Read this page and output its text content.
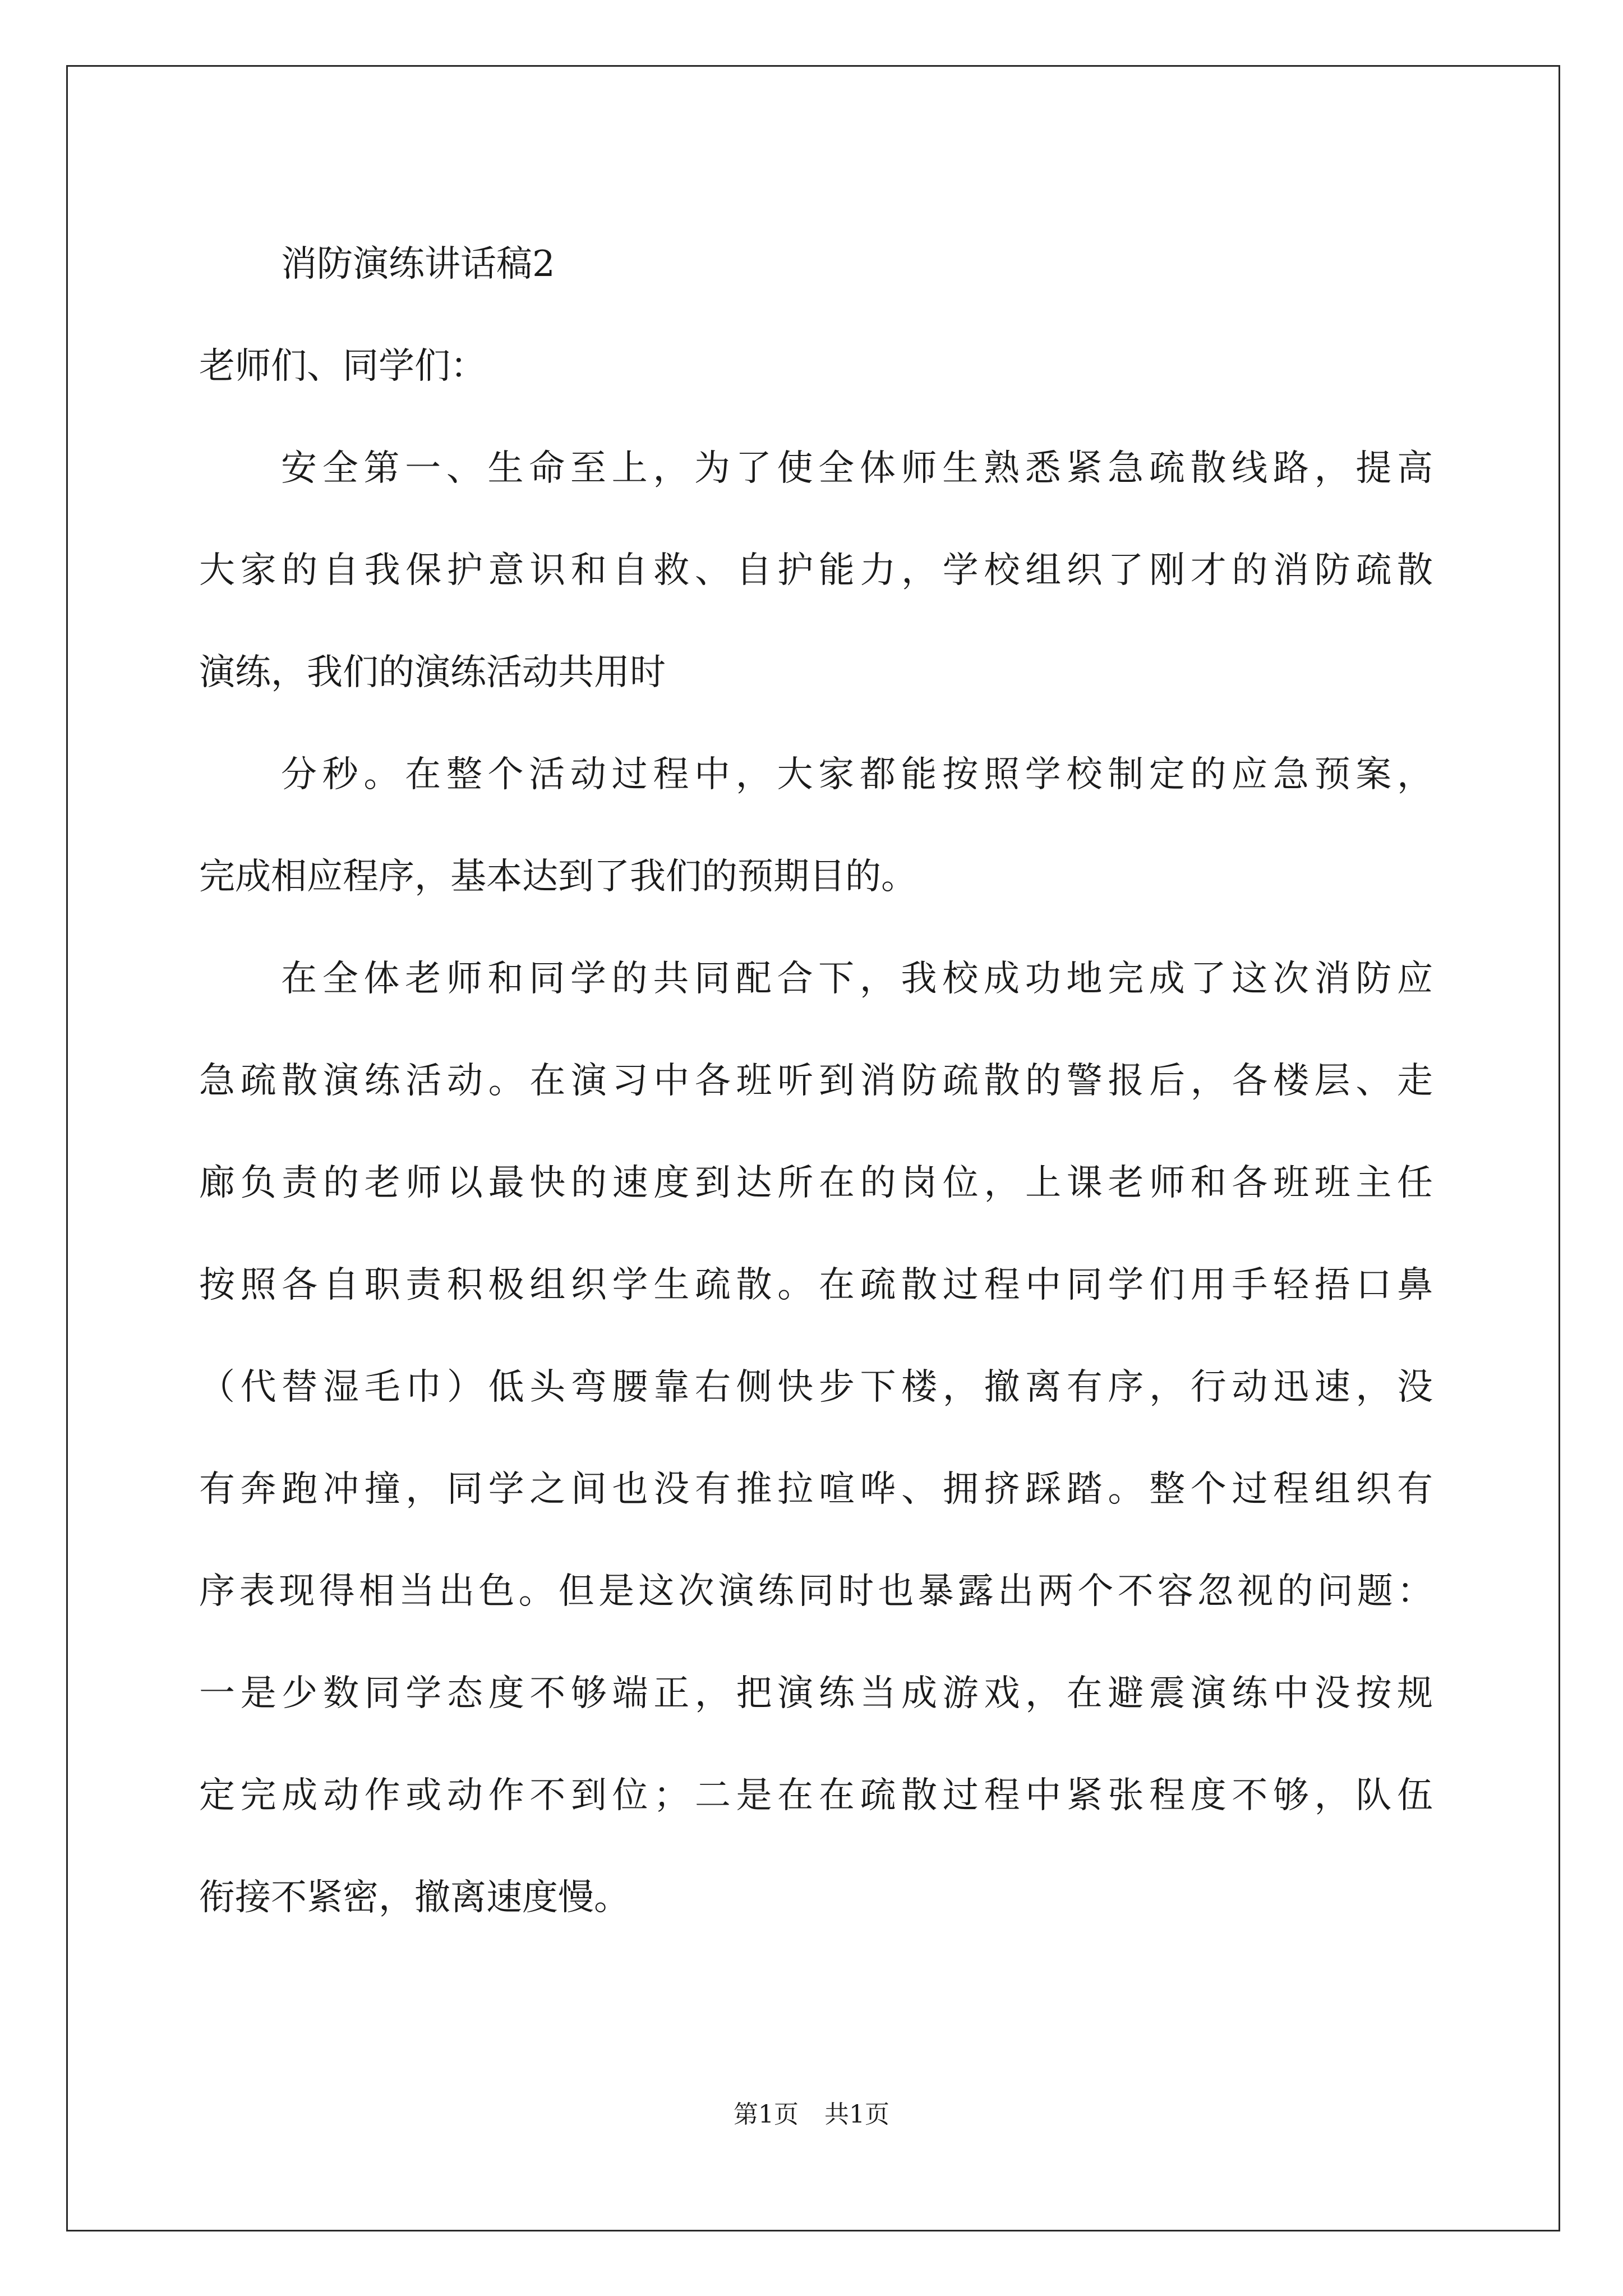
消防演练讲话稿2
老师们、同学们：
安全第一、生命至上，为了使全体师生熟悉紧急疏散线路，提高
大家的自我保护意识和自救、自护能力，学校组织了刚才的消防疏散
演练，我们的演练活动共用时
分秒。在整个活动过程中，大家都能按照学校制定的应急预案，
完成相应程序，基本达到了我们的预期目的。
在全体老师和同学的共同配合下，我校成功地完成了这次消防应
急疏散演练活动。在演习中各班听到消防疏散的警报后，各楼层、走
廊负责的老师以最快的速度到达所在的岗位，上课老师和各班班主任
按照各自职责积极组织学生疏散。在疏散过程中同学们用手轻捂口鼻
（代替湿毛巾）低头弯腰靠右侧快步下楼，撤离有序，行动迅速，没
有奔跑冲撞，同学之间也没有推拉喧哗、拥挤踩踏。整个过程组织有
序表现得相当出色。但是这次演练同时也暴露出两个不容忽视的问题：
一是少数同学态度不够端正，把演练当成游戏，在避震演练中没按规
定完成动作或动作不到位；二是在在疏散过程中紧张程度不够，队伍
衔接不紧密，撤离速度慢。
第1页 共1页
